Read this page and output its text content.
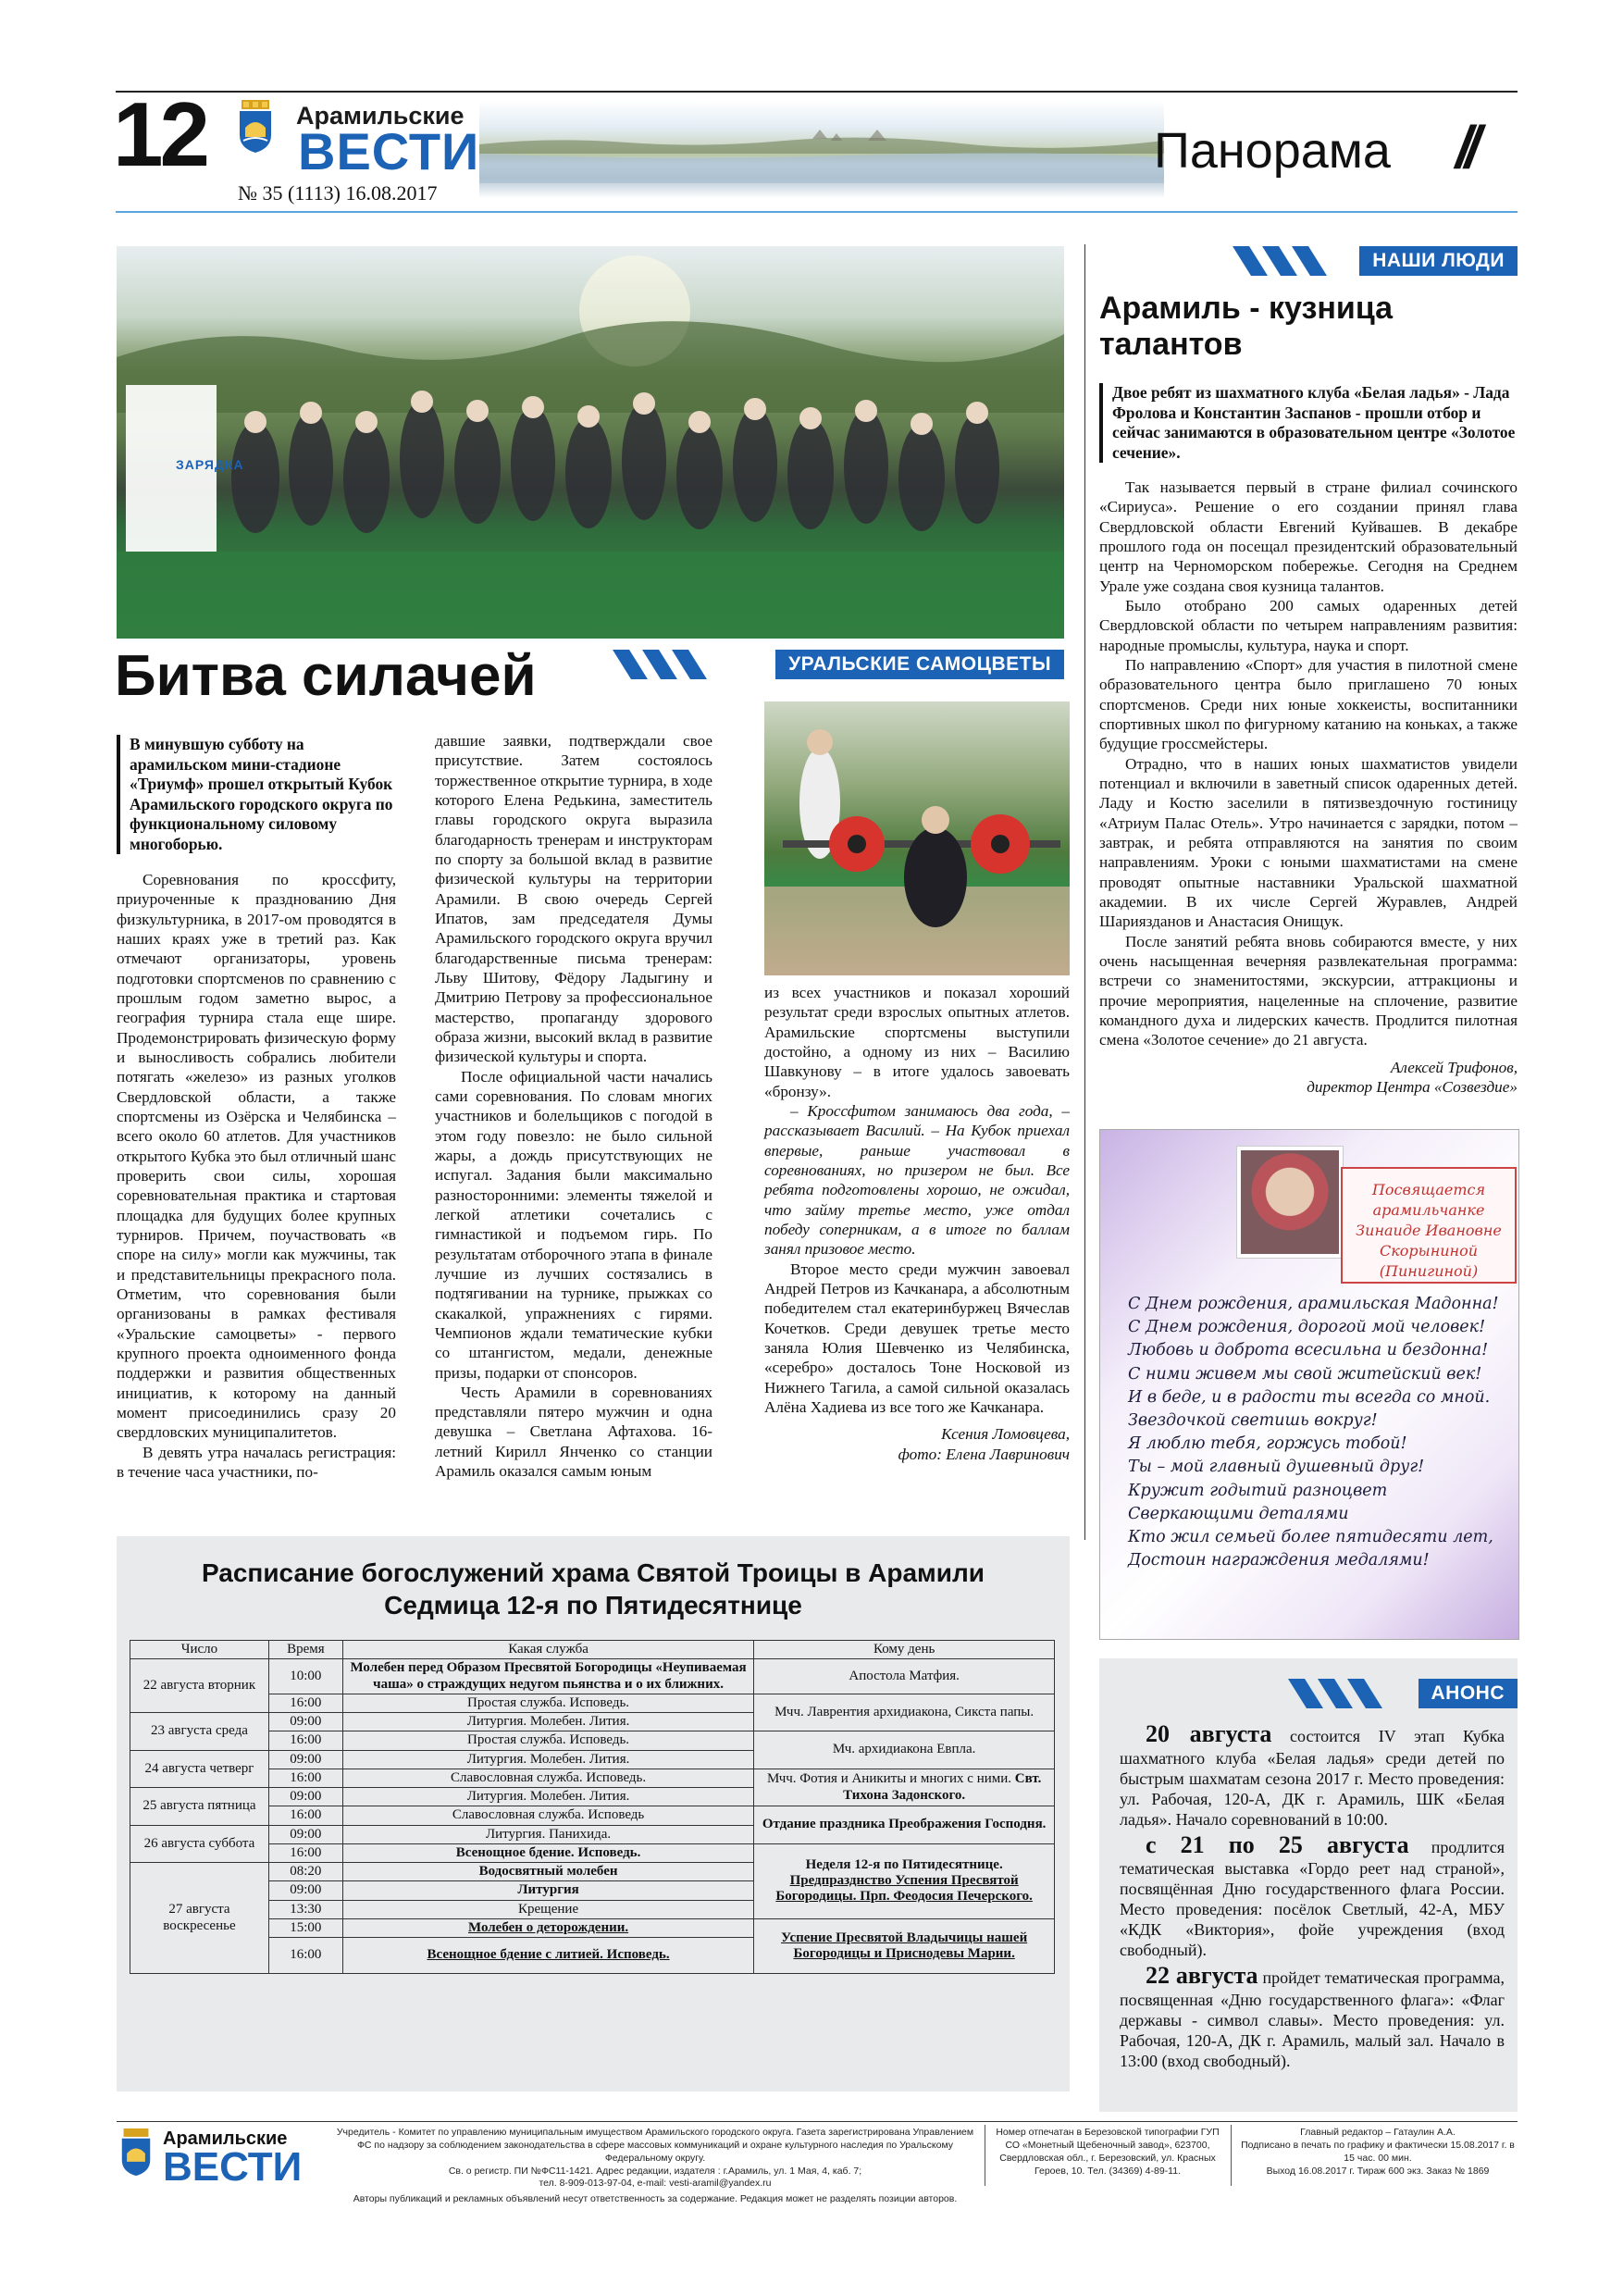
12	Арамильские
ВЕСТИ
№ 35 (1113) 16.08.2017
Панорама //
ЗАРЯДКА
Битва силачей	УРАЛЬСКИЕ САМОЦВЕТЫ
В минувшую субботу на арамильском мини-стадионе «Триумф» прошел открытый Кубок Арамильского городского округа по функциональному силовому многоборью.

Соревнования по кроссфиту, приуроченные к празднованию Дня физкультурника, в 2017-ом проводятся в наших краях уже в третий раз. Как отмечают организаторы, уровень подготовки спортсменов по сравнению с прошлым годом заметно вырос, а география турнира стала еще шире. Продемонстрировать физическую форму и выносливость собрались любители потягать «железо» из разных уголков Свердловской области, а также спортсмены из Озёрска и Челябинска – всего около 60 атлетов. Для участников открытого Кубка это был отличный шанс проверить свои силы, хорошая соревновательная практика и стартовая площадка для будущих более крупных турниров. Причем, поучаствовать «в споре на силу» могли как мужчины, так и представительницы прекрасного пола. Отметим, что соревнования были организованы в рамках фестиваля «Уральские самоцветы» - первого крупного проекта одноименного фонда поддержки и развития общественных инициатив, к которому на данный момент присоединились сразу 20 свердловских муниципалитетов.

В девять утра началась регистрация: в течение часа участники, по-

давшие заявки, подтверждали свое присутствие. Затем состоялось торжественное открытие турнира, в ходе которого Елена Редькина, заместитель главы городского округа выразила благодарность тренерам и инструкторам по спорту за большой вклад в развитие физической культуры на территории Арамили. В свою очередь Сергей Ипатов, зам председателя Думы Арамильского городского округа вручил благодарственные письма тренерам: Льву Шитову, Фёдору Ладыгину и Дмитрию Петрову за профессиональное мастерство, пропаганду здорового образа жизни, высокий вклад в развитие физической культуры и спорта.

После официальной части начались сами соревнования. По словам многих участников и болельщиков с погодой в этом году повезло: не было сильной жары, а дождь присутствующих не испугал. Задания были максимально разносторонними: элементы тяжелой и легкой атлетики сочетались с гимнастикой и подъемом гирь. По результатам отборочного этапа в финале лучшие из лучших состязались в подтягивании на турнике, прыжках со скакалкой, упражнениях с гирями. Чемпионов ждали тематические кубки со штангистом, медали, денежные призы, подарки от спонсоров.

Честь Арамили в соревнованиях представляли пятеро мужчин и одна девушка – Светлана Афтахова. 16-летний Кирилл Янченко со станции Арамиль оказался самым юным

из всех участников и показал хороший результат среди взрослых опытных атлетов. Арамильские спортсмены выступили достойно, а одному из них – Василию Шавкунову – в итоге удалось завоевать «бронзу».

– Кроссфитом занимаюсь два года, – рассказывает Василий. – На Кубок приехал впервые, раньше участвовал в соревнованиях, но призером не был. Все ребята подготовлены хорошо, не ожидал, что займу третье место, уже отдал победу соперникам, а в итоге по баллам занял призовое место.

Второе место среди мужчин завоевал Андрей Петров из Качканара, а абсолютным победителем стал екатеринбуржец Вячеслав Кочетков. Среди девушек третье место заняла Юлия Шевченко из Челябинска, «серебро» досталось Тоне Носковой из Нижнего Тагила, а самой сильной оказалась Алёна Хадиева из все того же Качканара.

Ксения Ломовцева,

фото: Елена Лавринович

НАШИ ЛЮДИ
Арамиль - кузница талантов
Двое ребят из шахматного клуба «Белая ладья» - Лада Фролова и Константин Заспанов - прошли отбор и сейчас занимаются в образовательном центре «Золотое сечение».

Так называется первый в стране филиал сочинского «Сириуса». Решение о его создании принял глава Свердловской области Евгений Куйвашев. В декабре прошлого года он посещал президентский образовательный центр на Черноморском побережье. Сегодня на Среднем Урале уже создана своя кузница талантов.

Было отобрано 200 самых одаренных детей Свердловской области по четырем направлениям развития: народные промыслы, культура, наука и спорт.

По направлению «Спорт» для участия в пилотной смене образовательного центра было приглашено 70 юных спортсменов. Среди них юные хоккеисты, воспитанники спортивных школ по фигурному катанию на коньках, а также будущие гроссмейстеры.

Отрадно, что в наших юных шахматистов увидели потенциал и включили в заветный список одаренных детей. Ладу и Костю заселили в пятизвездочную гостиницу «Атриум Палас Отель». Утро начинается с зарядки, потом – завтрак, и ребята отправляются на занятия по своим направлениям. Уроки с юными шахматистами на смене проводят опытные наставники Уральской шахматной академии. В их числе Сергей Журавлев, Андрей Шариязданов и Анастасия Онищук.

После занятий ребята вновь собираются вместе, у них очень насыщенная вечерняя развлекательная программа: встречи со знаменитостями, экскурсии, аттракционы и прочие мероприятия, нацеленные на сплочение, развитие командного духа и лидерских качеств. Продлится пилотная смена «Золотое сечение» до 21 августа.

Алексей Трифонов,

директор Центра «Созвездие»

Посвящается арамильчанке Зинаиде Ивановне Скорыниной (Пинигиной)
С Днем рождения, арамильская Мадонна!
С Днем рождения, дорогой мой человек!
Любовь и доброта всесильна и бездонна!
С ними живем мы свой житейский век!
И в беде, и в радости ты всегда со мной.
Звездочкой светишь вокруг!
Я люблю тебя, горжусь тобой!
Ты – мой главный душевный друг!
Кружит годытий разноцвет
Сверкающими деталями
Кто жил семьей более пятидесяти лет,
Достоин награждения медалями!
АНОНС

20 августа состоится IV этап Кубка шахматного клуба «Белая ладья» среди детей по быстрым шахматам сезона 2017 г. Место проведения: ул. Рабочая, 120-А, ДК г. Арамиль, ШК «Белая ладья». Начало соревнований в 10:00.

с 21 по 25 августа продлится тематическая выставка «Гордо реет над страной», посвящённая Дню государственного флага России. Место проведения: посёлок Светлый, 42-А, МБУ «КДК «Виктория», фойе учреждения (вход свободный).

22 августа пройдет тематическая программа, посвященная «Дню государственного флага»: «Флаг державы - символ славы». Место проведения: ул. Рабочая, 120-А, ДК г. Арамиль, малый зал. Начало в 13:00 (вход свободный).

Расписание богослужений храма Святой Троицы в Арамили
Седмица 12-я по Пятидесятнице
Число	Время	Какая служба	Кому день
22 августа вторник	10:00	Молебен перед Образом Пресвятой Богородицы «Неупиваемая чаша» о страждущих недугом пьянства и о их ближних.	Апостола Матфия.
	16:00	Простая служба. Исповедь.	Мчч. Лаврентия архидиакона, Сикста папы.
23 августа среда	09:00	Литургия. Молебен. Лития.	
	16:00	Простая служба. Исповедь.	Мч. архидиакона Евпла.
24 августа четверг	09:00	Литургия. Молебен. Лития.	
	16:00	Славословная служба. Исповедь.	Мчч. Фотия и Аникиты и многих с ними. Свт. Тихона Задонского.
25 августа пятница	09:00	Литургия. Молебен. Лития.	
	16:00	Славословная служба. Исповедь	Отдание праздника Преображения Господня.
26 августа суббота	09:00	Литургия. Панихида.	
	16:00	Всенощное бдение. Исповедь.	Неделя 12-я по Пятидесятнице.
Предпразднство Успения Пресвятой Богородицы. Прп. Феодосия Печерского.

27 августа воскресенье	08:20	Водосвятный молебен	
	09:00	Литургия	
	13:30	Крещение	
	15:00	Молебен о деторождении.	Успение Пресвятой Владычицы нашей Богородицы и Приснодевы Марии.
	16:00	Всенощное бдение с литией. Исповедь.	
Арамильские
ВЕСТИ
Учредитель - Комитет по управлению муниципальным имуществом Арамильского городского округа. Газета зарегистрирована Управлением ФС по надзору за соблюдением законодательства в сфере массовых коммуникаций и охране культурного наследия по Уральскому Федеральному округу.
Св. о регистр. ПИ №ФС11-1421. Адрес редакции, издателя : г.Арамиль, ул. 1 Мая, 4, каб. 7;
тел. 8-909-013-97-04, e-mail: vesti-aramil@yandex.ru
Авторы публикаций и рекламных объявлений несут ответственность за содержание. Редакция может не разделять позиции авторов.
Номер отпечатан в Березовской типографии ГУП СО «Монетный Щебеночный завод», 623700, Свердловская обл., г. Березовский, ул. Красных Героев, 10. Тел. (34369) 4-89-11.
Главный редактор – Гатаулин А.А.
Подписано в печать по графику и фактически 15.08.2017 г. в 15 час. 00 мин.
Выход 16.08.2017 г. Тираж 600 экз. Заказ № 1869
